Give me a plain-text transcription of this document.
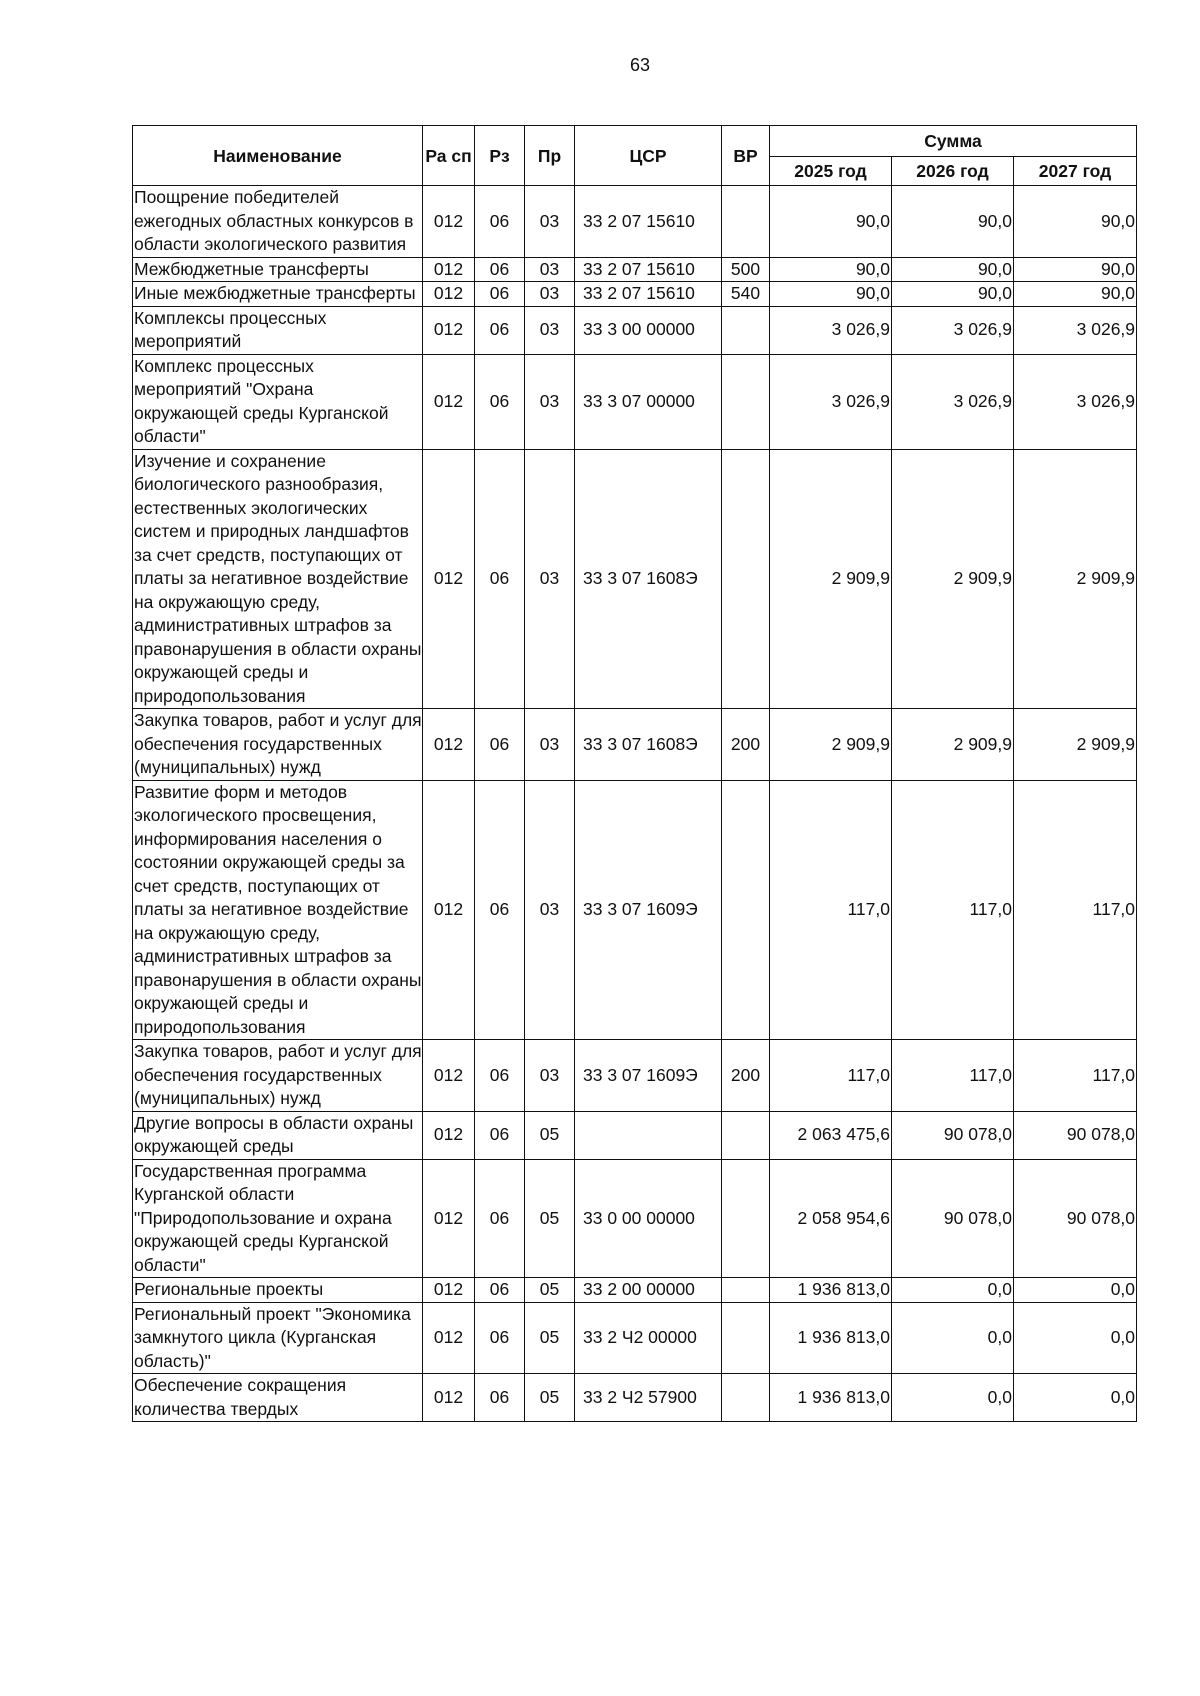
63
Наименование	Ра сп	Рз	Пр	ЦСР	ВР	Сумма		
						2025 год	2026 год	2027 год
Поощрение победителей ежегодных областных конкурсов в области экологического развития	012	06	03	33 2 07 15610		90,0	90,0	90,0
Межбюджетные трансферты	012	06	03	33 2 07 15610	500	90,0	90,0	90,0
Иные межбюджетные трансферты	012	06	03	33 2 07 15610	540	90,0	90,0	90,0
Комплексы процессных мероприятий	012	06	03	33 3 00 00000		3 026,9	3 026,9	3 026,9
Комплекс процессных мероприятий "Охрана окружающей среды Курганской области"	012	06	03	33 3 07 00000		3 026,9	3 026,9	3 026,9
Изучение и сохранение биологического разнообразия, естественных экологических систем и природных ландшафтов за счет средств, поступающих от платы за негативное воздействие на окружающую среду, административных штрафов за правонарушения в области охраны окружающей среды и природопользования	012	06	03	33 3 07 1608Э		2 909,9	2 909,9	2 909,9
Закупка товаров, работ и услуг для обеспечения государственных (муниципальных) нужд	012	06	03	33 3 07 1608Э	200	2 909,9	2 909,9	2 909,9
Развитие форм и методов экологического просвещения, информирования населения о состоянии окружающей среды за счет средств, поступающих от платы за негативное воздействие на окружающую среду, административных штрафов за правонарушения в области охраны окружающей среды и природопользования	012	06	03	33 3 07 1609Э		117,0	117,0	117,0
Закупка товаров, работ и услуг для обеспечения государственных (муниципальных) нужд	012	06	03	33 3 07 1609Э	200	117,0	117,0	117,0
Другие вопросы в области охраны окружающей среды	012	06	05			2 063 475,6	90 078,0	90 078,0
Государственная программа Курганской области "Природопользование и охрана окружающей среды Курганской области"	012	06	05	33 0 00 00000		2 058 954,6	90 078,0	90 078,0
Региональные проекты	012	06	05	33 2 00 00000		1 936 813,0	0,0	0,0
Региональный проект "Экономика замкнутого цикла (Курганская область)"	012	06	05	33 2 Ч2 00000		1 936 813,0	0,0	0,0
Обеспечение сокращения количества твердых	012	06	05	33 2 Ч2 57900		1 936 813,0	0,0	0,0
